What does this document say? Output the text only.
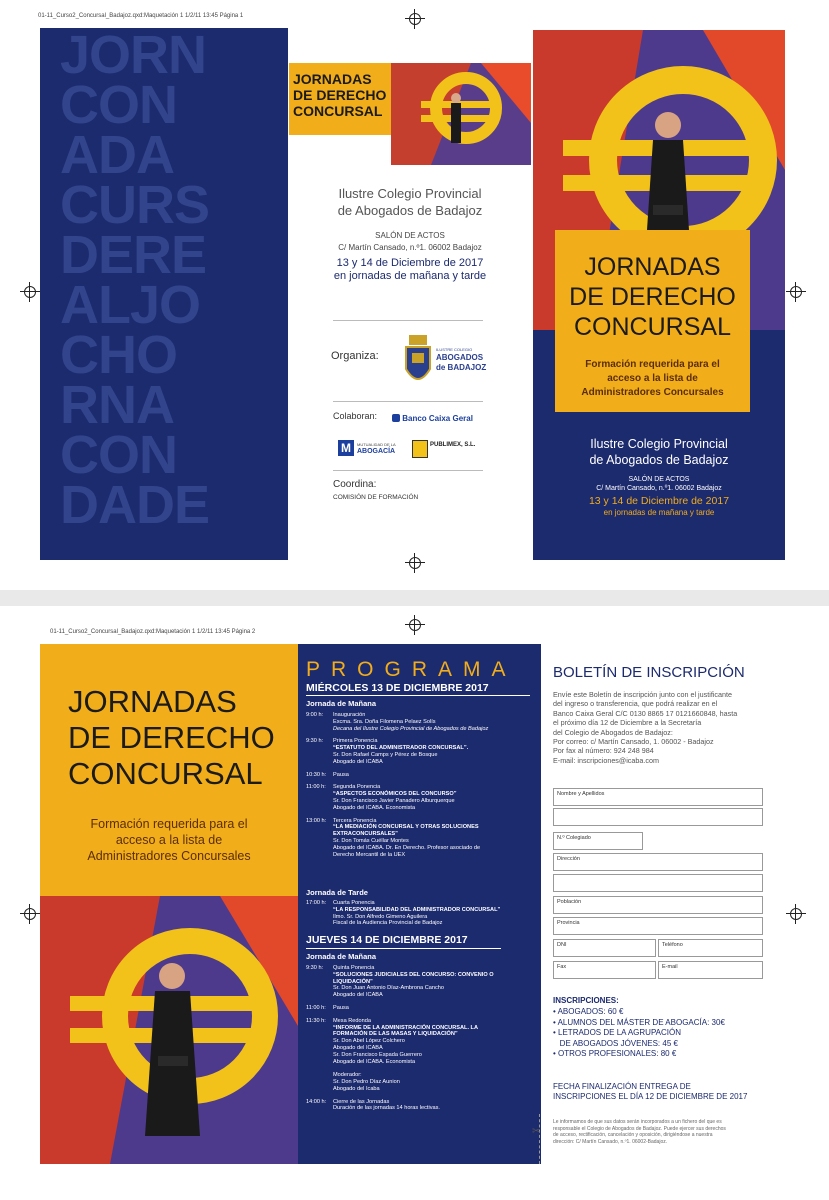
01-11_Curso2_Concursal_Badajoz.qxd:Maquetación 1 1/2/11 13:45 Página 1
JORN
CON
ADA
CURS
DERE
ALJO
CHO
RNA
CON
DADE
JORNADAS
DE DERECHO
CONCURSAL
Ilustre Colegio Provincial
de Abogados de Badajoz
SALÓN DE ACTOS
C/ Martín Cansado, n.º1. 06002 Badajoz
13 y 14 de Diciembre de 2017
en jornadas de mañana y tarde
Organiza:
ILUSTRE COLEGIO
ABOGADOS
de BADAJOZ
Colaboran:	Banco Caixa Geral
M	MUTUALIDAD DE LA
ABOGACÍA
PUBLIMEX, S.L.
Coordina:
COMISIÓN DE FORMACIÓN
JORNADAS
DE DERECHO
CONCURSAL
Formación requerida para el
acceso a la lista de
Administradores Concursales
Ilustre Colegio Provincial
de Abogados de Badajoz
SALÓN DE ACTOS
C/ Martín Cansado, n.º1. 06002 Badajoz
13 y 14 de Diciembre de 2017
en jornadas de mañana y tarde
01-11_Curso2_Concursal_Badajoz.qxd:Maquetación 1 1/2/11 13:45 Página 2
JORNADAS
DE DERECHO
CONCURSAL
Formación requerida para el
acceso a la lista de
Administradores Concursales
PROGRAMA
MIÉRCOLES 13 DE DICIEMBRE 2017
Jornada de Mañana
9:00 h:	Inauguración
Excma. Sra. Doña Filomena Pelaez Solís
Decana del Ilustre Colegio Provincial de Abogados de Badajoz
9:30 h:	Primera Ponencia
“ESTATUTO DEL ADMINISTRADOR CONCURSAL”.
Sr. Don Rafael Camps y Pérez de Bosque
Abogado del ICABA
10:30 h:	Pausa
11:00 h:	Segunda Ponencia
“ASPECTOS ECONÓMICOS DEL CONCURSO”
Sr. Don Francisco Javier Panadero Alburquerque
Abogado del ICABA. Economista
13:00 h:	Tercera Ponencia
“LA MEDIACIÓN CONCURSAL Y OTRAS SOLUCIONES
EXTRACONCURSALES”
Sr. Don Tomás Cuéllar Montes
Abogado del ICABA. Dr. En Derecho. Profesor asociado de
Derecho Mercantil de la UEX
Jornada de Tarde
17:00 h:	Cuarta Ponencia
“LA RESPONSABILIDAD DEL ADMINISTRADOR CONCURSAL”
Ilmo. Sr. Don Alfredo Gimeno Aguilera
Fiscal de la Audiencia Provincial de Badajoz
JUEVES 14 DE DICIEMBRE 2017
Jornada de Mañana
9:30 h:	Quinta Ponencia
“SOLUCIONES JUDICIALES DEL CONCURSO: CONVENIO O
LIQUIDACIÓN”
Sr. Don Juan Antonio Díaz-Ambrona Cancho
Abogado del ICABA
11:00 h:	Pausa
11:30 h:	Mesa Redonda
“INFORME DE LA ADMINISTRACIÓN CONCURSAL. LA
FORMACIÓN DE LAS MASAS Y LIQUIDACIÓN”
Sr. Don Abel López Colchero
Abogado del ICABA
Sr. Don Francisco Espada Guerrero
Abogado del ICABA. Economista
Moderador:
Sr. Don Pedro Díaz Aunion
Abogado del Icaba
14:00 h:	Cierre de las Jornadas
Duración de las jornadas 14 horas lectivas.
BOLETÍN DE INSCRIPCIÓN
Envíe este Boletín de inscripción junto con el justificante
del ingreso o transferencia, que podrá realizar en el
Banco Caixa Geral C/C 0130 8865 17 0121660848, hasta
el próximo día 12 de Diciembre a la Secretaría
del Colegio de Abogados de Badajoz:
Por correo: c/ Martín Cansado, 1. 06002 - Badajoz
Por fax al número: 924 248 984
E-mail: inscripciones@icaba.com
Nombre y Apellidos
N.º Colegiado
Dirección
Población
Provincia
DNI	Teléfono
Fax	E-mail
INSCRIPCIONES:
• ABOGADOS: 60 €
• ALUMNOS DEL MÁSTER DE ABOGACÍA: 30€
• LETRADOS DE LA AGRUPACIÓN
DE ABOGADOS JÓVENES: 45 €
• OTROS PROFESIONALES: 80 €
FECHA FINALIZACIÓN ENTREGA DE
INSCRIPCIONES EL DÍA 12 DE DICIEMBRE DE 2017
✂
Le informamos de que sus datos serán incorporados a un fichero del que es
responsable el Colegio de Abogados de Badajoz. Puede ejercer sus derechos
de acceso, rectificación, cancelación y oposición, dirigiéndose a nuestra
dirección: C/ Martín Cansado, n.º1. 06002-Badajoz.
